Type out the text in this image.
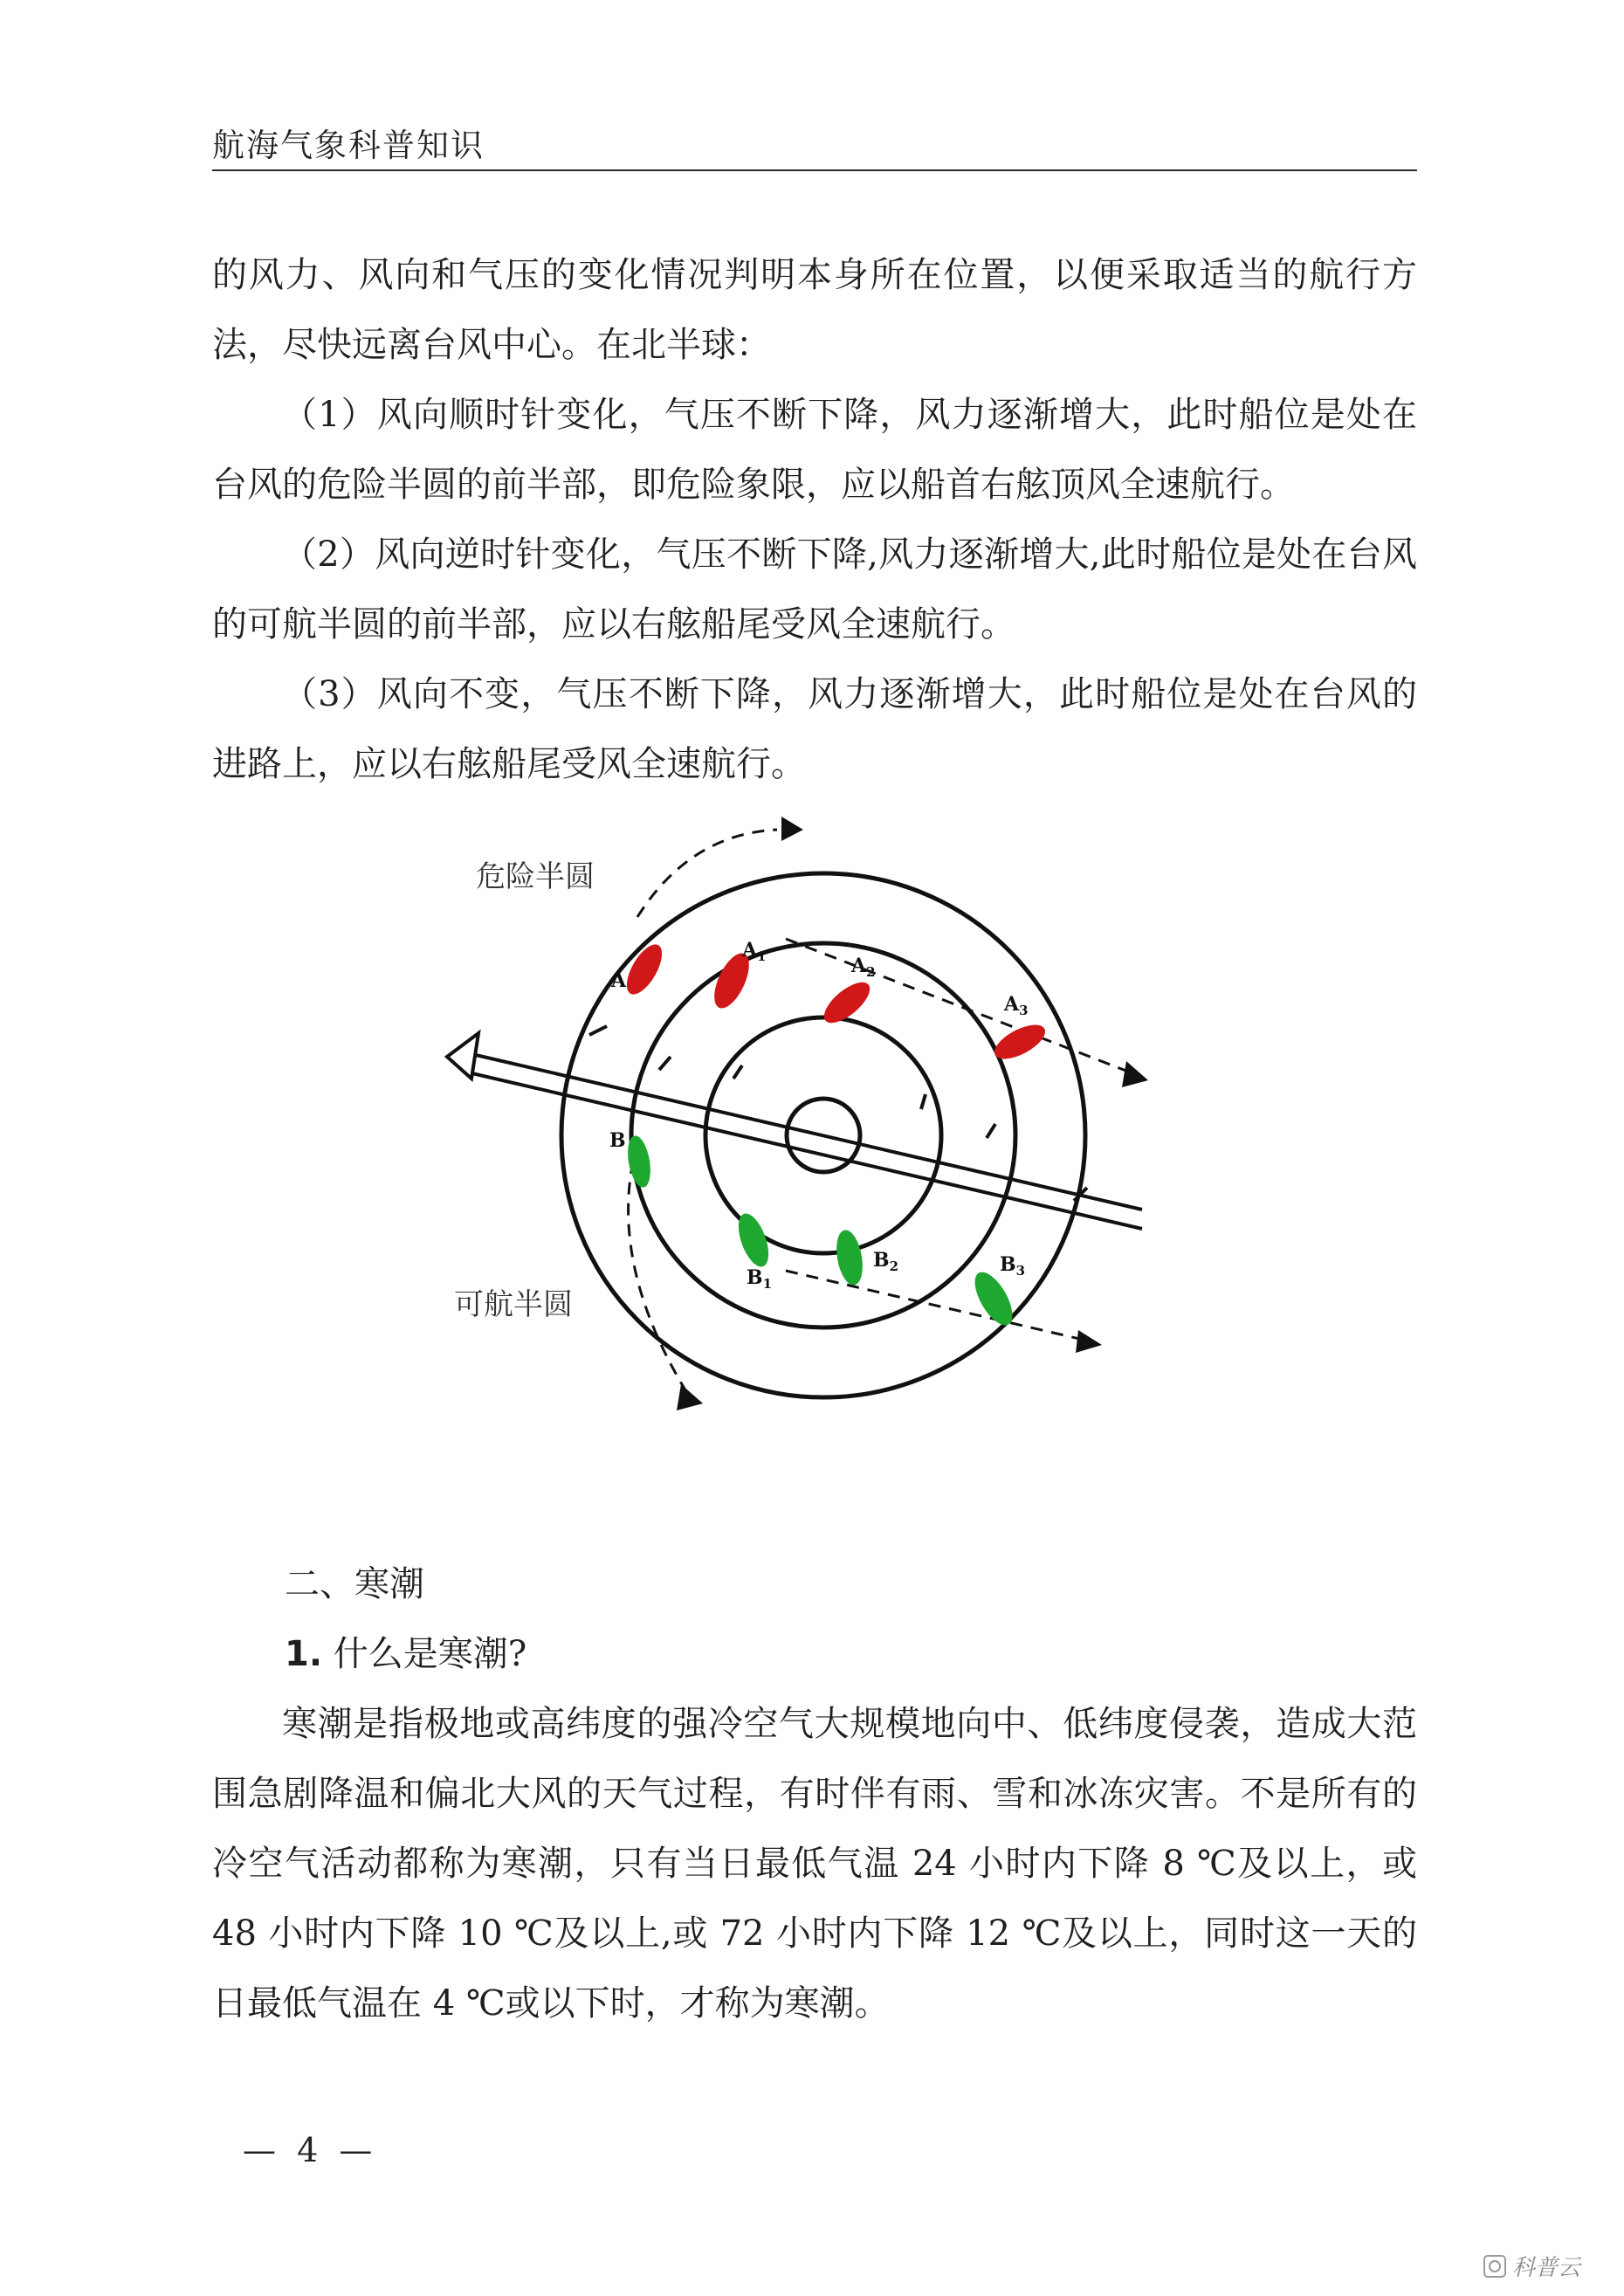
航海气象科普知识

的风力、风向和气压的变化情况判明本身所在位置，以便采取适当的航行方法，尽快远离台风中心。在北半球：

（1）风向顺时针变化，气压不断下降，风力逐渐增大，此时船位是处在台风的危险半圆的前半部，即危险象限，应以船首右舷顶风全速航行。

（2）风向逆时针变化，气压不断下降,风力逐渐增大,此时船位是处在台风的可航半圆的前半部，应以右舷船尾受风全速航行。

（3）风向不变，气压不断下降，风力逐渐增大，此时船位是处在台风的进路上，应以右舷船尾受风全速航行。

A
$A_1$	$A_2$
$A_3$
B
$B_1$
$B_2$	$B_3$
危险半圆
可航半圆

二、寒潮

1. 什么是寒潮?

寒潮是指极地或高纬度的强冷空气大规模地向中、低纬度侵袭，造成大范围急剧降温和偏北大风的天气过程，有时伴有雨、雪和冰冻灾害。不是所有的冷空气活动都称为寒潮，只有当日最低气温 24 小时内下降 8 ℃及以上，或 48 小时内下降 10 ℃及以上,或 72 小时内下降 12 ℃及以上，同时这一天的日最低气温在 4 ℃或以下时，才称为寒潮。

— 4 —
科普云
